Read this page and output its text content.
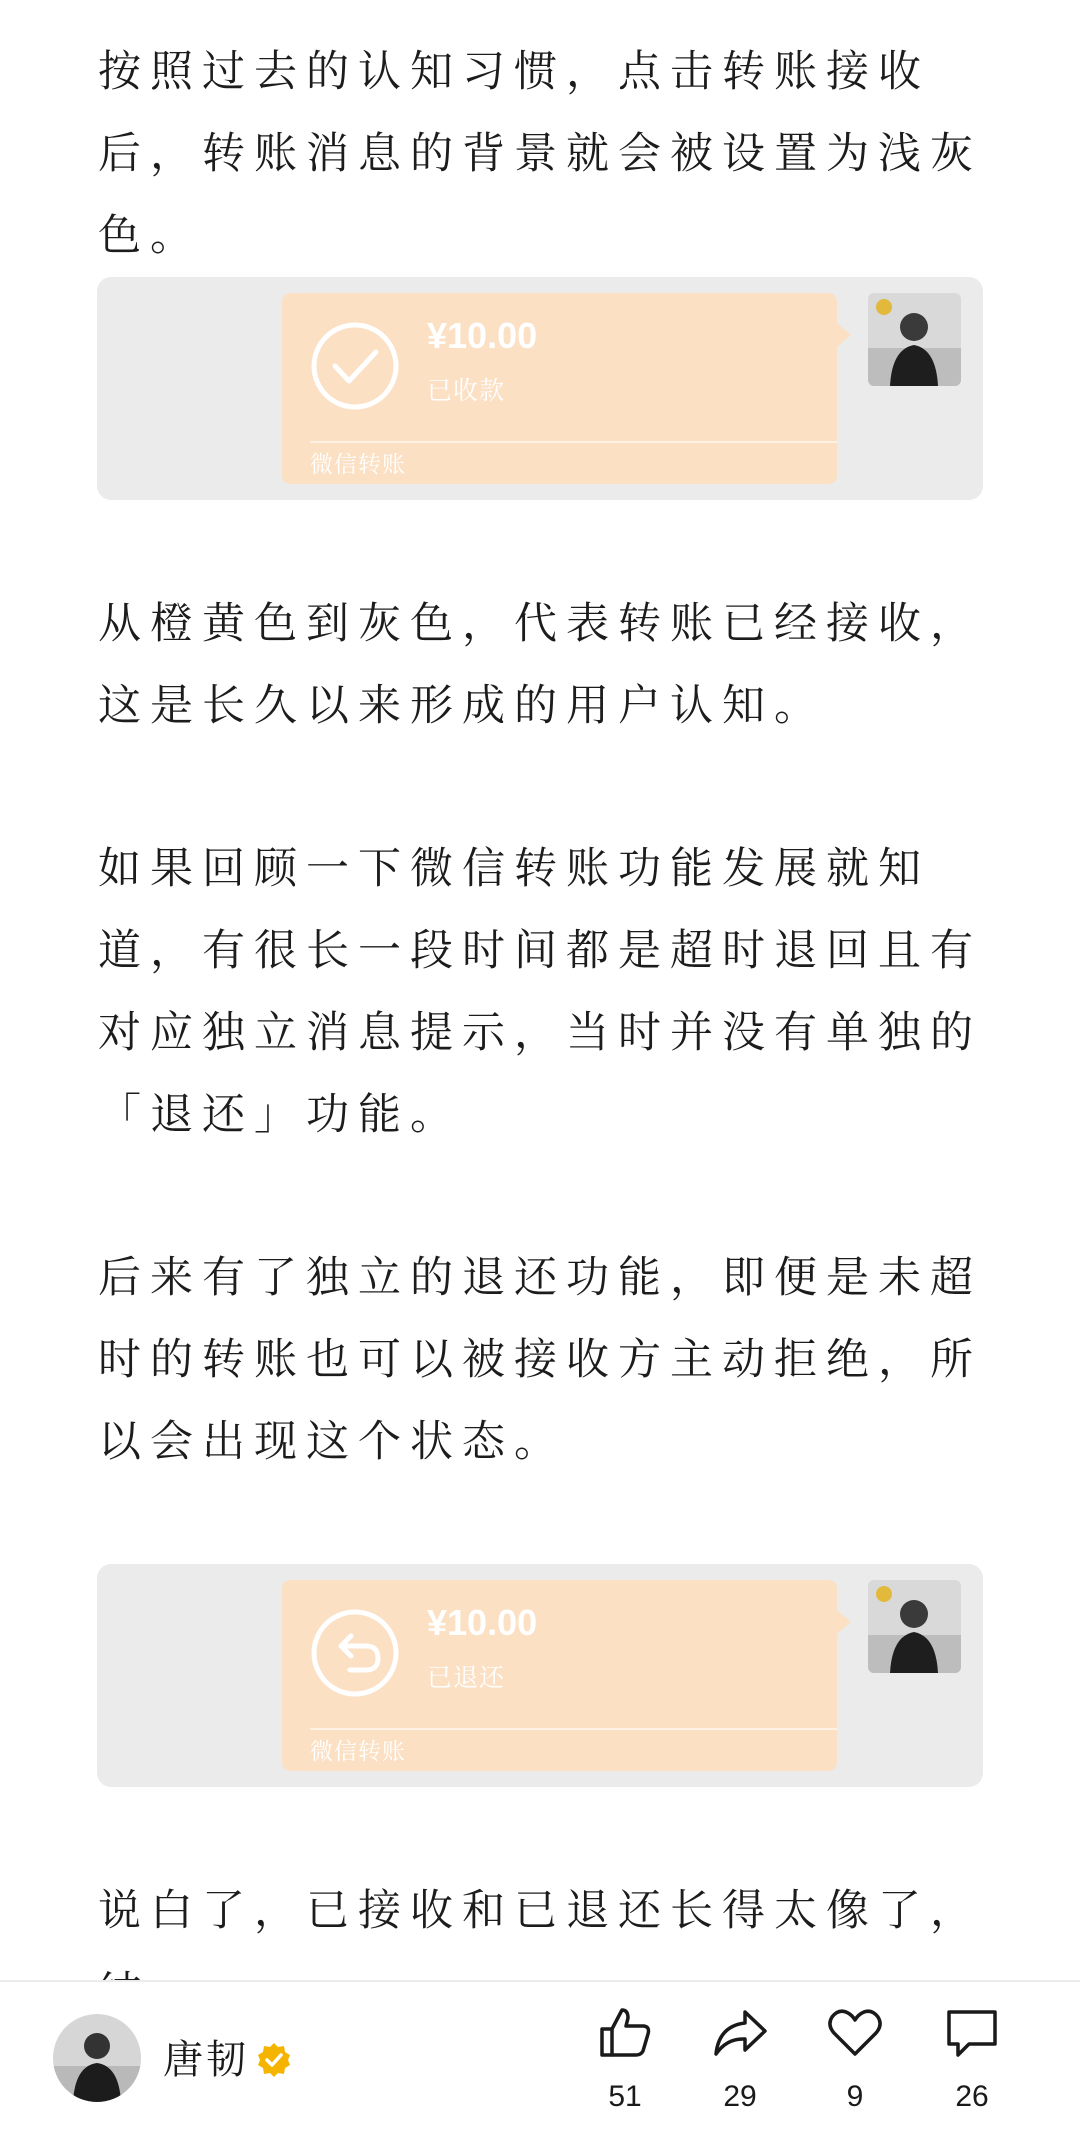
按照过去的认知习惯，点击转账接收后，转账消息的背景就会被设置为浅灰色。

¥10.00
已收款
微信转账

从橙黄色到灰色，代表转账已经接收，这是长久以来形成的用户认知。

如果回顾一下微信转账功能发展就知道，有很长一段时间都是超时退回且有对应独立消息提示，当时并没有单独的「退还」功能。

后来有了独立的退还功能，即便是未超时的转账也可以被接收方主动拒绝，所以会出现这个状态。

¥10.00
已退还
微信转账

说白了，已接收和已退还长得太像了，

唐韧
51	29	9	26
